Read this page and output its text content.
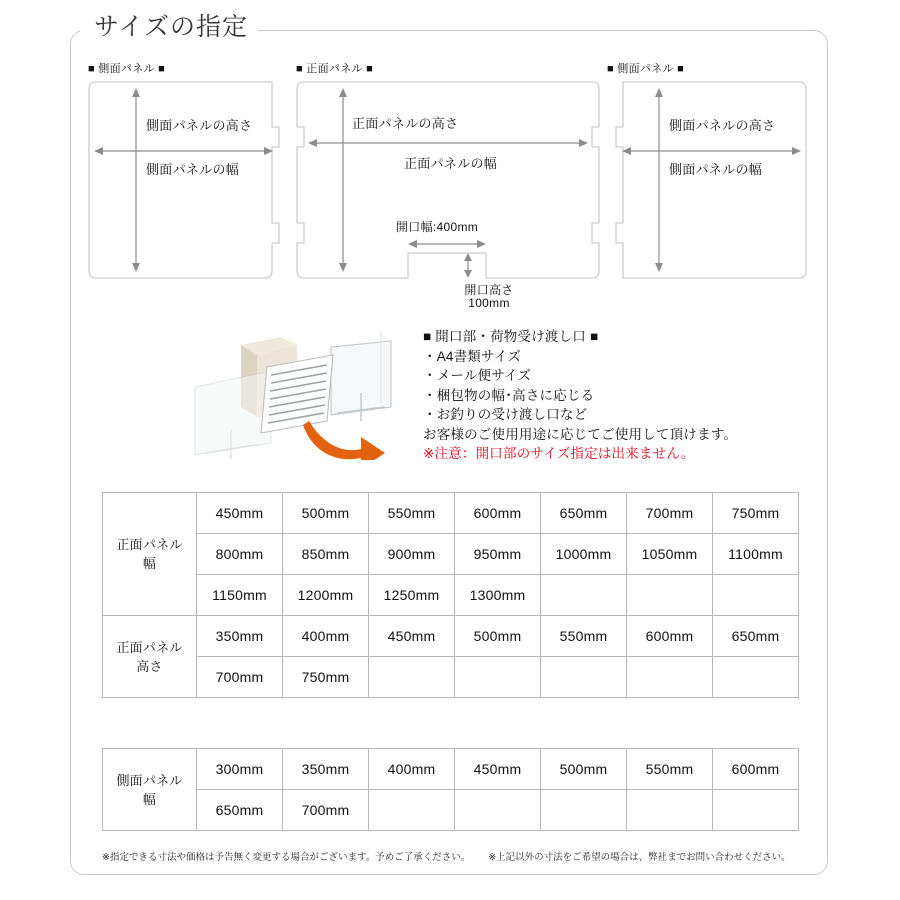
サイズの指定
■ 側面パネル ■
側面パネルの高さ
側面パネルの幅
■ 正面パネル ■
正面パネルの高さ
正面パネルの幅
開口幅:400mm
開口高さ
100mm
■ 側面パネル ■
側面パネルの高さ
側面パネルの幅
■ 開口部・荷物受け渡し口 ■
・A4書類サイズ
・メール便サイズ
・梱包物の幅･高さに応じる
・お釣りの受け渡し口など
お客様のご使用用途に応じてご使用して頂けます。
※注意：開口部のサイズ指定は出来ません。
正面パネル
幅	450mm	500mm	550mm	600mm	650mm	700mm	750mm
	800mm	850mm	900mm	950mm	1000mm	1050mm	1100mm
	1150mm	1200mm	1250mm	1300mm			
正面パネル
高さ	350mm	400mm	450mm	500mm	550mm	600mm	650mm
	700mm	750mm					
側面パネル
幅	300mm	350mm	400mm	450mm	500mm	550mm	600mm
	650mm	700mm					
※指定できる寸法や価格は予告無く変更する場合がございます。予めご了承ください。 ※上記以外の寸法をご希望の場合は、弊社までお問い合わせください。
